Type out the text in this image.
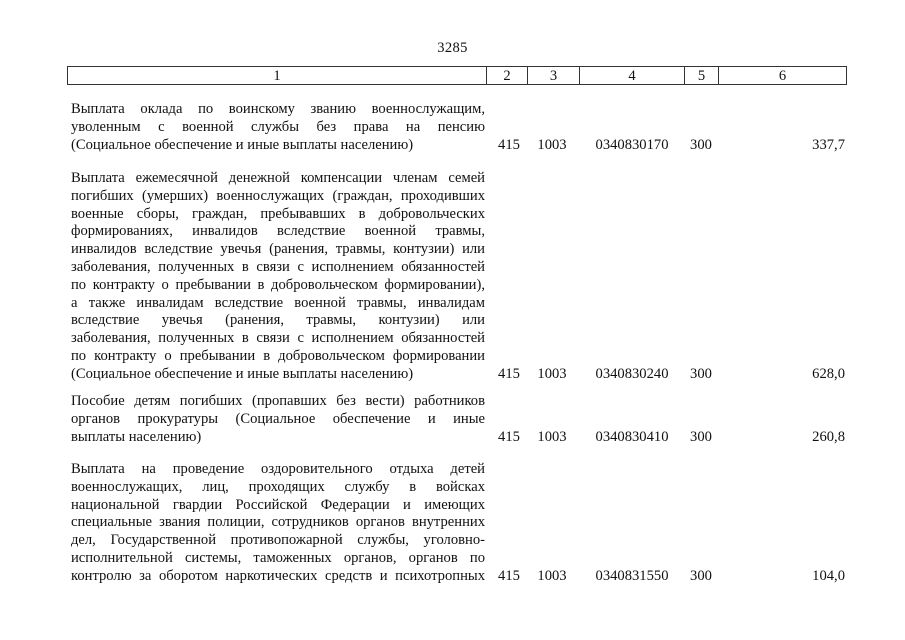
3285
1	2	3	4	5	6
Выплата оклада по воинскому званию военнослужащим,
уволенным с военной службы без права на пенсию
(Социальное обеспечение и иные выплаты населению)	415	1003	0340830170	300	337,7
Выплата ежемесячной денежной компенсации членам семей
погибших (умерших) военнослужащих (граждан, проходивших
военные сборы, граждан, пребывавших в добровольческих
формированиях, инвалидов вследствие военной травмы,
инвалидов вследствие увечья (ранения, травмы, контузии) или
заболевания, полученных в связи с исполнением обязанностей
по контракту о пребывании в добровольческом формировании),
а также инвалидам вследствие военной травмы, инвалидам
вследствие увечья (ранения, травмы, контузии) или
заболевания, полученных в связи с исполнением обязанностей
по контракту о пребывании в добровольческом формировании
(Социальное обеспечение и иные выплаты населению)	415	1003	0340830240	300	628,0
Пособие детям погибших (пропавших без вести) работников
органов прокуратуры (Социальное обеспечение и иные
выплаты населению)	415	1003	0340830410	300	260,8
Выплата на проведение оздоровительного отдыха детей
военнослужащих, лиц, проходящих службу в войсках
национальной гвардии Российской Федерации и имеющих
специальные звания полиции, сотрудников органов внутренних
дел, Государственной противопожарной службы, уголовно-
исполнительной системы, таможенных органов, органов по
контролю за оборотом наркотических средств и психотропных 415	1003	0340831550	300	104,0
